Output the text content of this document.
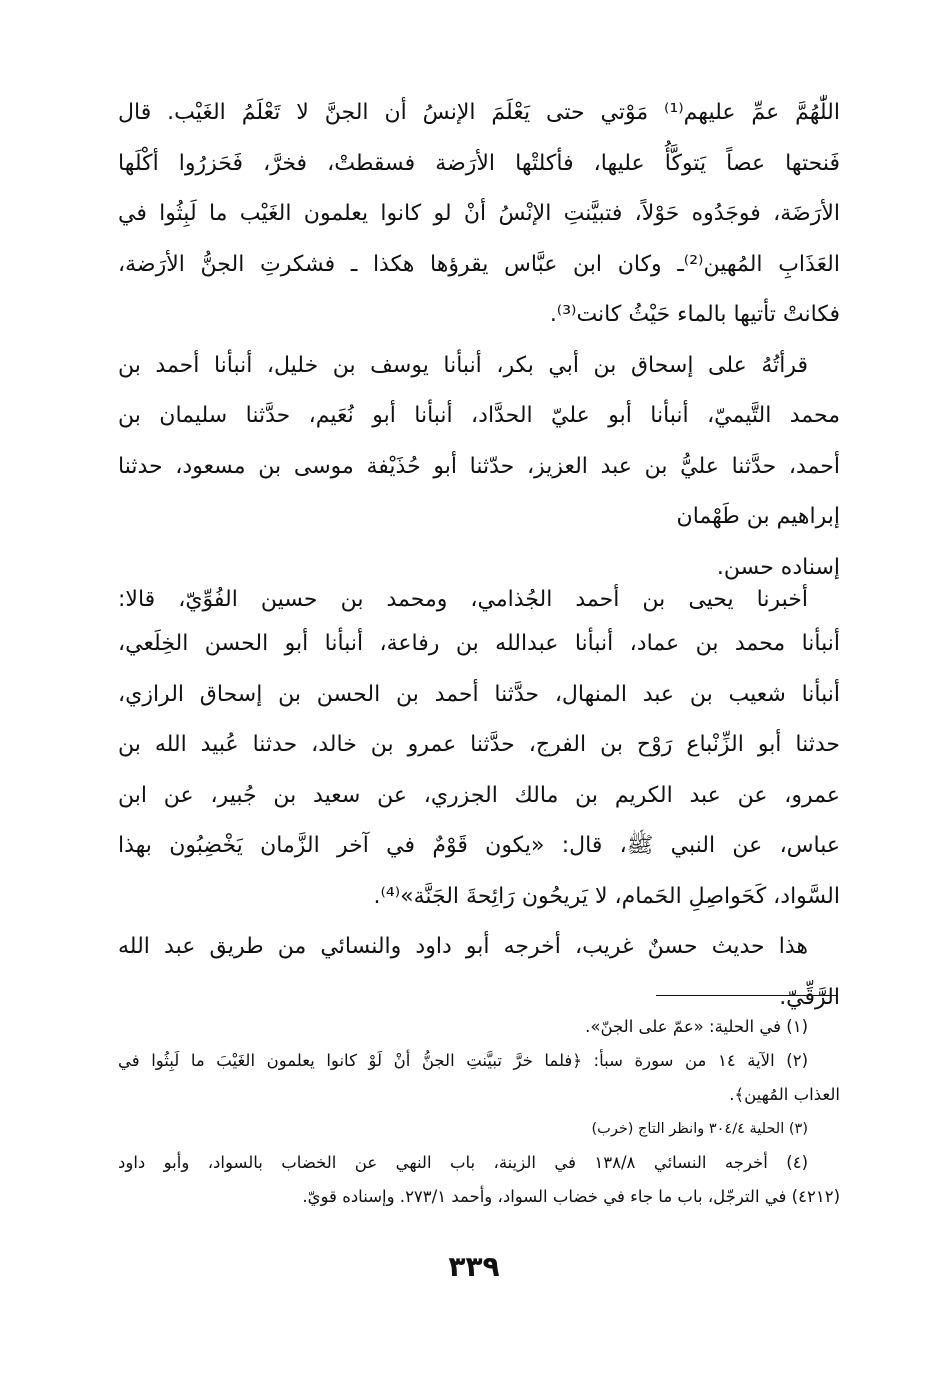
اللّٰهُمَّ عمِّ عليهم⁽¹⁾ مَوْتي حتى يَعْلَمَ الإنسُ أن الجنَّ لا تَعْلَمُ الغَيْب. قال
فَنحتها عصاً يَتوكَّأُ عليها، فأكلتْها الأرَضة فسقطتْ، فخرَّ، فَحَزرُوا أكْلَها
الأرَضَة، فوجَدُوه حَوْلاً، فتبيَّنتِ الإنْسُ أنْ لو كانوا يعلمون الغَيْب ما لَبِثُوا في
العَذَابِ المُهين⁽²⁾ـ وكان ابن عبَّاس يقرؤها هكذا ـ فشكرتِ الجنُّ الأرَضة،
فكانتْ تأتيها بالماء حَيْثُ كانت⁽³⁾.
قرأتُهُ على إسحاق بن أبي بكر، أنبأنا يوسف بن خليل، أنبأنا أحمد بن
محمد التَّيميّ، أنبأنا أبو عليّ الحدَّاد، أنبأنا أبو نُعَيم، حدَّثنا سليمان بن
أحمد، حدَّثنا عليُّ بن عبد العزيز، حدّثنا أبو حُذَيْفة موسى بن مسعود، حدثنا
إبراهيم بن طَهْمان
إسناده حسن.
أخبرنا يحيى بن أحمد الجُذامي، ومحمد بن حسين الفُوِّيّ، قالا:
أنبأنا محمد بن عماد، أنبأنا عبدالله بن رفاعة، أنبأنا أبو الحسن الخِلَعي،
أنبأنا شعيب بن عبد المنهال، حدَّثنا أحمد بن الحسن بن إسحاق الرازي،
حدثنا أبو الزِّنْباع رَوْح بن الفرج، حدَّثنا عمرو بن خالد، حدثنا عُبيد الله بن
عمرو، عن عبد الكريم بن مالك الجزري، عن سعيد بن جُبير، عن ابن
عباس، عن النبي ﷺ، قال: «يكون قَوْمٌ في آخر الزَّمان يَخْضِبُون بهذا
السَّواد، كَحَواصِلِ الحَمام، لا يَريحُون رَائِحةَ الجَنَّة»⁽⁴⁾.
هذا حديث حسنٌ غريب، أخرجه أبو داود والنسائي من طريق عبد الله
الرَّقِّيّ.
(١) في الحلية: «عمّ على الجنّ».
(٢) الآية ١٤ من سورة سبأ: ﴿فلما خرَّ تبيَّنتِ الجنُّ أنْ لَوْ كانوا يعلمون الغَيْبَ ما لَبِثُوا في
العذاب المُهين﴾.
(٣) الحلية ٣٠٤/٤ وانظر التاج (خرب)
(٤) أخرجه النسائي ١٣٨/٨ في الزينة، باب النهي عن الخضاب بالسواد، وأبو داود
(٤٢١٢) في الترجّل، باب ما جاء في خضاب السواد، وأحمد ٢٧٣/١. وإسناده قويّ.
٣٣٩
